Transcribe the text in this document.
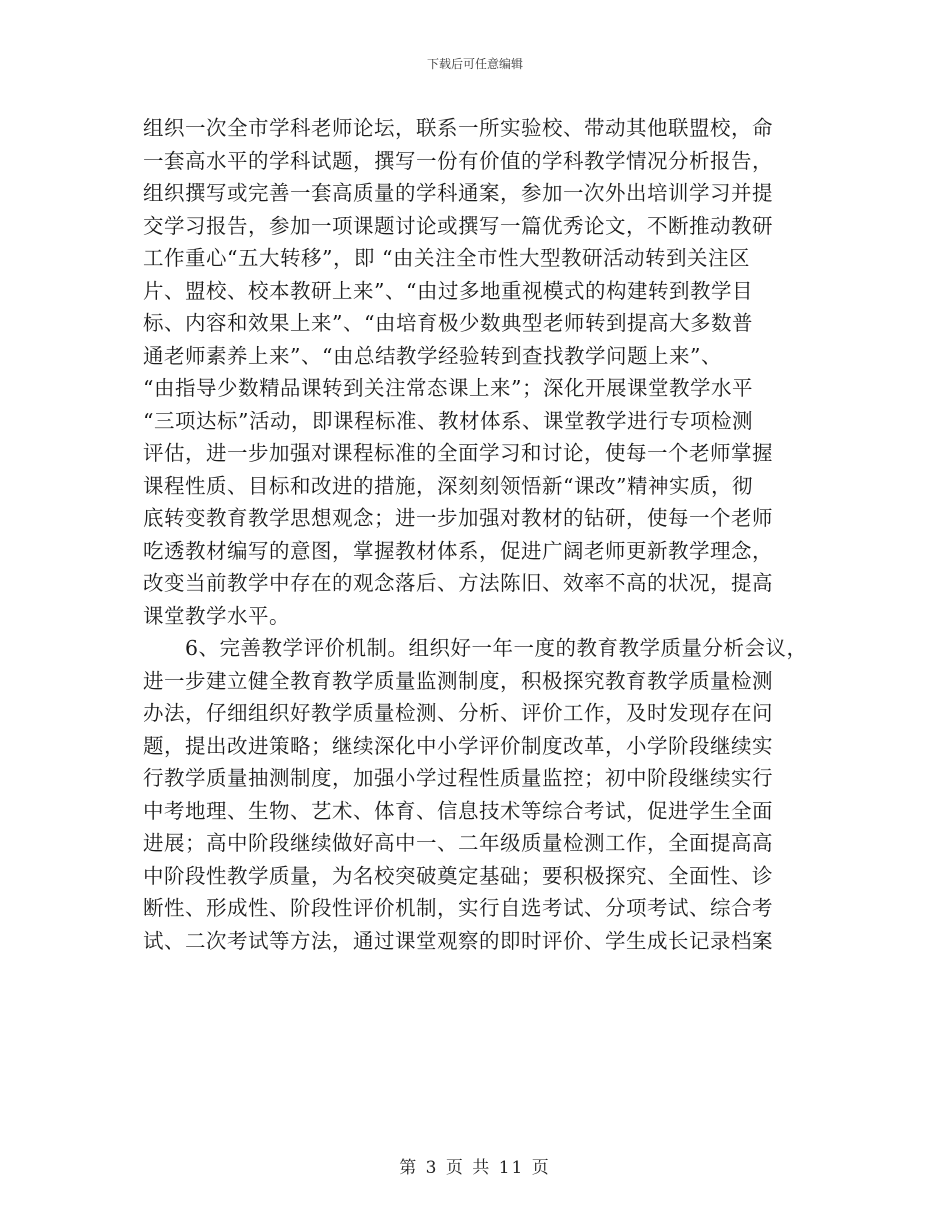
下载后可任意编辑
组织一次全市学科老师论坛，联系一所实验校、带动其他联盟校，命
一套高水平的学科试题，撰写一份有价值的学科教学情况分析报告，
组织撰写或完善一套高质量的学科通案，参加一次外出培训学习并提
交学习报告，参加一项课题讨论或撰写一篇优秀论文，不断推动教研
工作重心“五大转移”，即 “由关注全市性大型教研活动转到关注区
片、盟校、校本教研上来”、“由过多地重视模式的构建转到教学目
标、内容和效果上来”、“由培育极少数典型老师转到提高大多数普
通老师素养上来”、“由总结教学经验转到查找教学问题上来”、
“由指导少数精品课转到关注常态课上来”；深化开展课堂教学水平
“三项达标”活动，即课程标准、教材体系、课堂教学进行专项检测
评估，进一步加强对课程标准的全面学习和讨论，使每一个老师掌握
课程性质、目标和改进的措施，深刻刻领悟新“课改”精神实质，彻
底转变教育教学思想观念；进一步加强对教材的钻研，使每一个老师
吃透教材编写的意图，掌握教材体系，促进广阔老师更新教学理念，
改变当前教学中存在的观念落后、方法陈旧、效率不高的状况，提高
课堂教学水平。
　　6、完善教学评价机制。组织好一年一度的教育教学质量分析会议，
进一步建立健全教育教学质量监测制度，积极探究教育教学质量检测
办法，仔细组织好教学质量检测、分析、评价工作，及时发现存在问
题，提出改进策略；继续深化中小学评价制度改革，小学阶段继续实
行教学质量抽测制度，加强小学过程性质量监控；初中阶段继续实行
中考地理、生物、艺术、体育、信息技术等综合考试，促进学生全面
进展；高中阶段继续做好高中一、二年级质量检测工作，全面提高高
中阶段性教学质量，为名校突破奠定基础；要积极探究、全面性、诊
断性、形成性、阶段性评价机制，实行自选考试、分项考试、综合考
试、二次考试等方法，通过课堂观察的即时评价、学生成长记录档案
第 3 页 共 11 页
